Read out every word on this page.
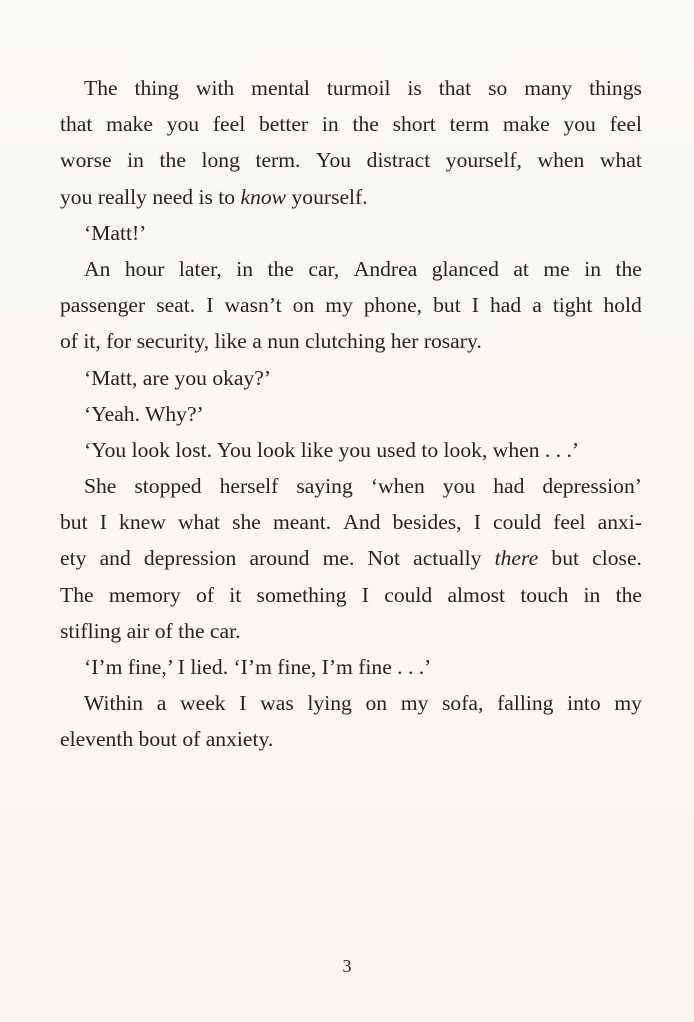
The thing with mental turmoil is that so many things
that make you feel better in the short term make you feel
worse in the long term. You distract yourself, when what
you really need is to know yourself.
‘Matt!’
An hour later, in the car, Andrea glanced at me in the
passenger seat. I wasn’t on my phone, but I had a tight hold
of it, for security, like a nun clutching her rosary.
‘Matt, are you okay?’
‘Yeah. Why?’
‘You look lost. You look like you used to look, when . . .’
She stopped herself saying ‘when you had depression’
but I knew what she meant. And besides, I could feel anxi-
ety and depression around me. Not actually there but close.
The memory of it something I could almost touch in the
stifling air of the car.
‘I’m fine,’ I lied. ‘I’m fine, I’m fine . . .’
Within a week I was lying on my sofa, falling into my
eleventh bout of anxiety.
3
